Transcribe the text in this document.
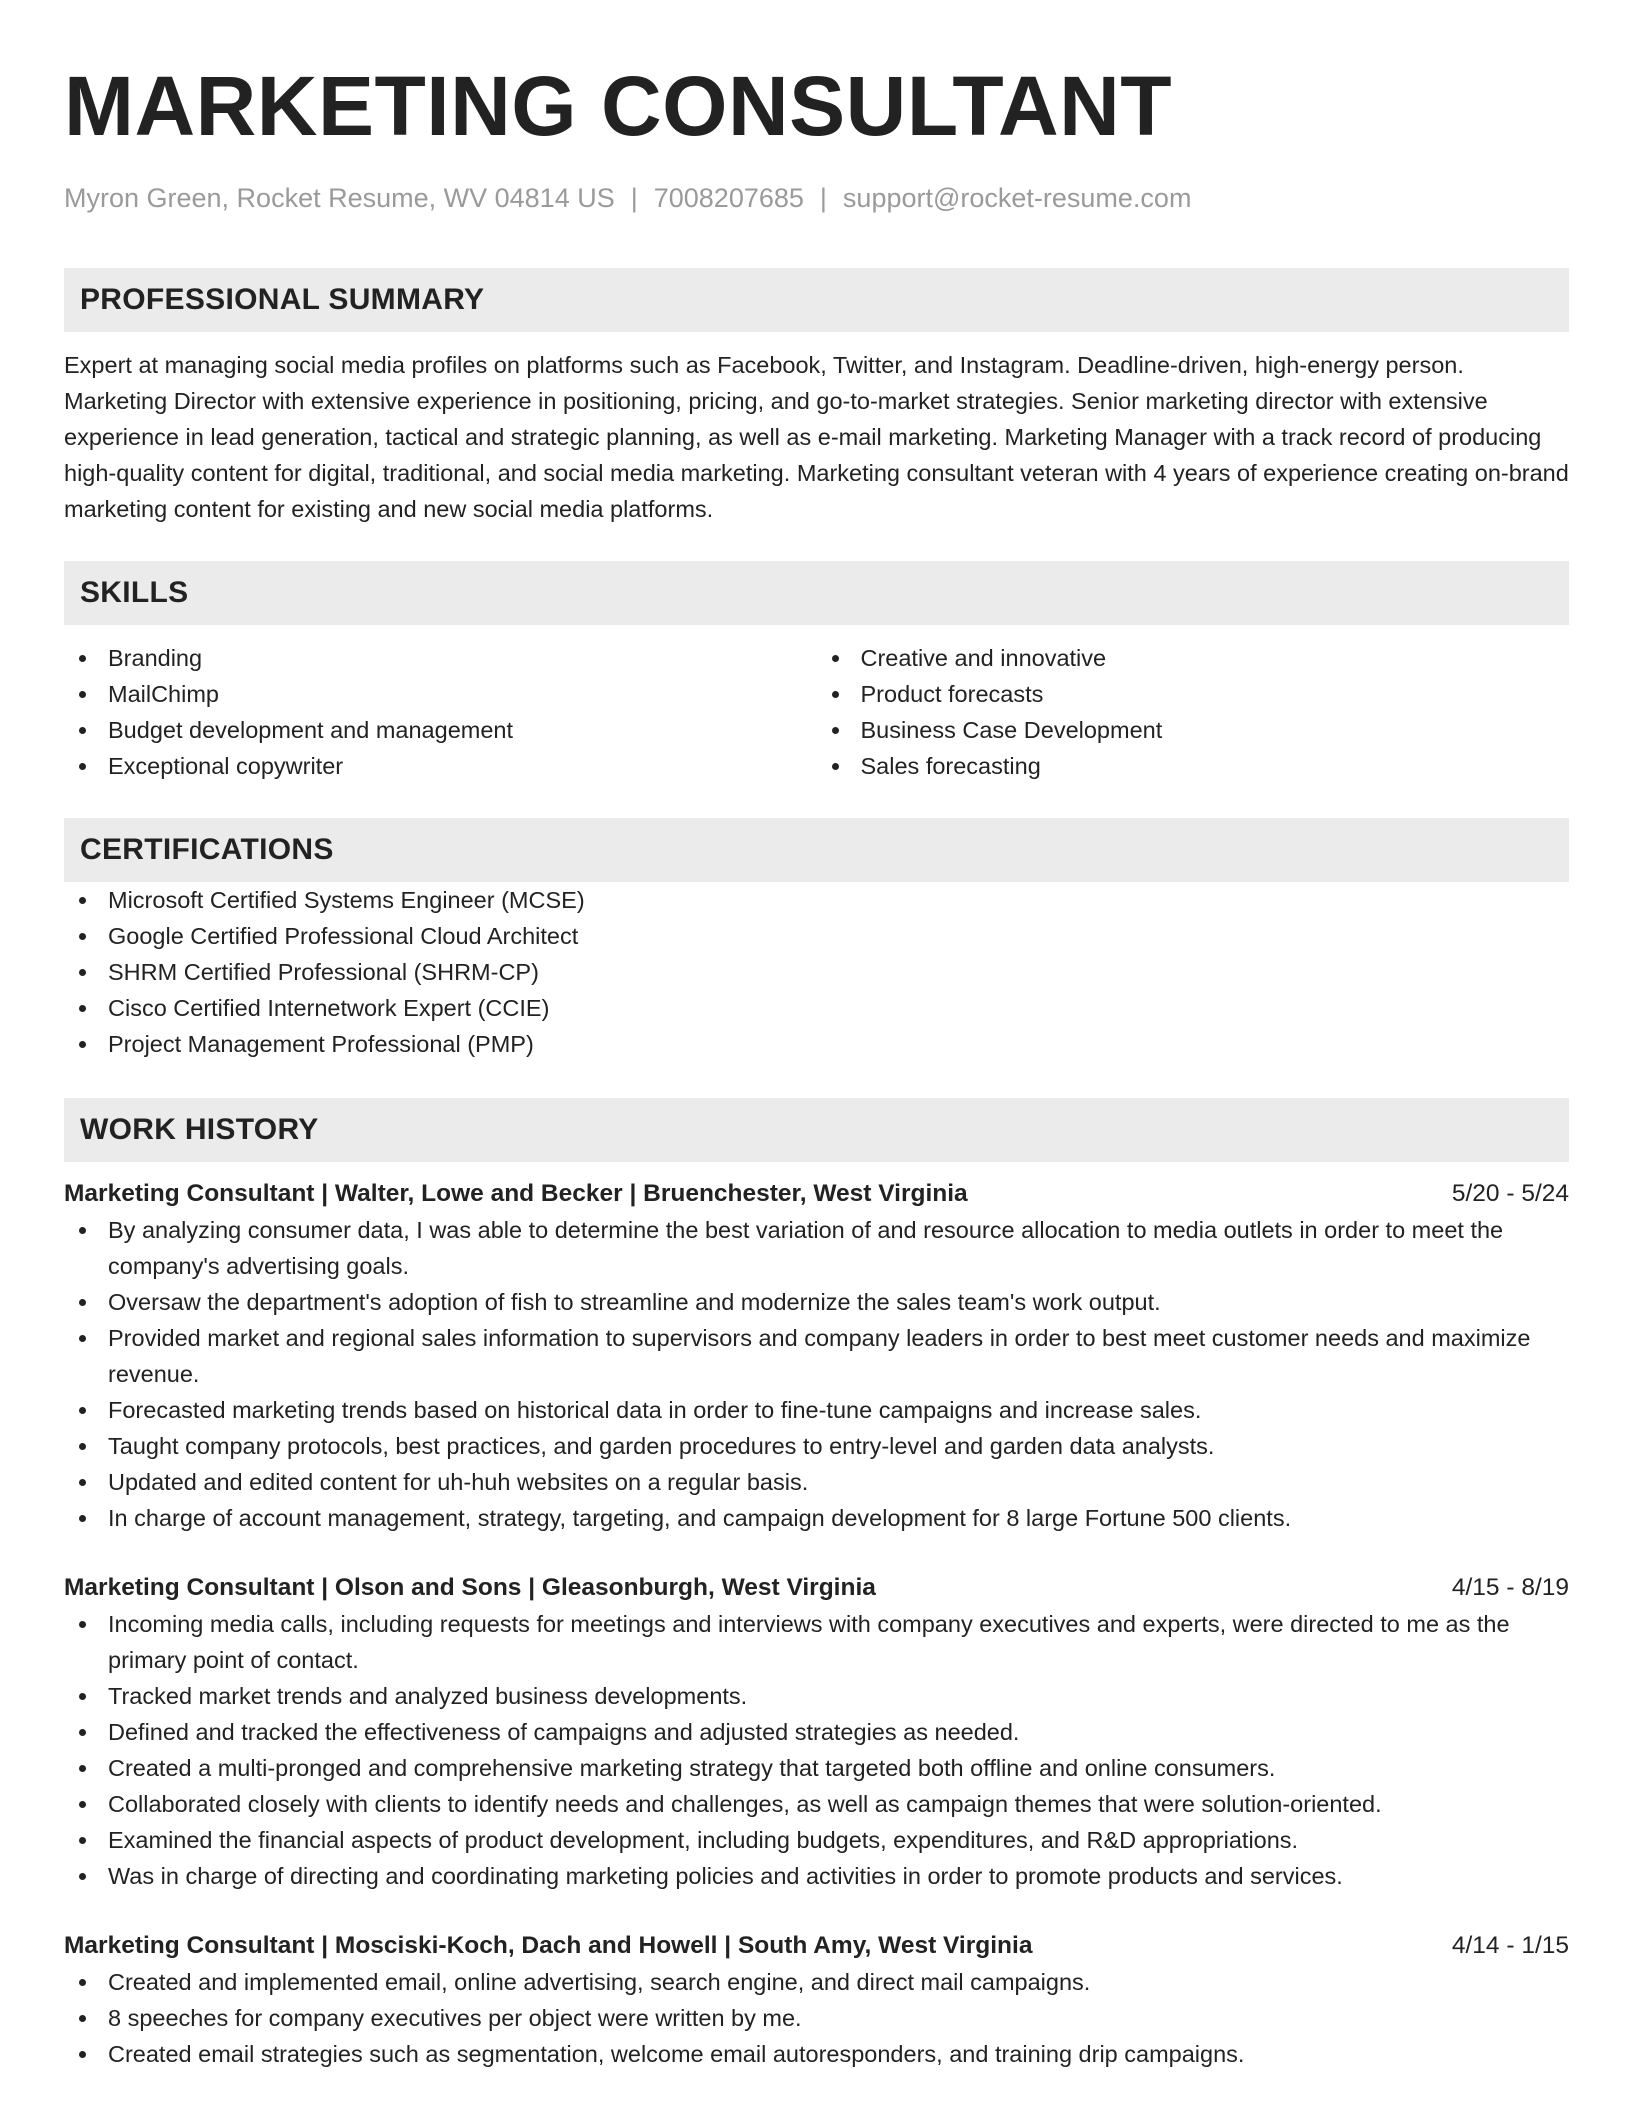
MARKETING CONSULTANT
Myron Green, Rocket Resume, WV 04814 US | 7008207685 | support@rocket-resume.com
PROFESSIONAL SUMMARY

Expert at managing social media profiles on platforms such as Facebook, Twitter, and Instagram. Deadline-driven, high-energy person. Marketing Director with extensive experience in positioning, pricing, and go-to-market strategies. Senior marketing director with extensive experience in lead generation, tactical and strategic planning, as well as e-mail marketing. Marketing Manager with a track record of producing high-quality content for digital, traditional, and social media marketing. Marketing consultant veteran with 4 years of experience creating on-brand marketing content for existing and new social media platforms.

SKILLS
Branding
MailChimp
Budget development and management
Exceptional copywriter
Creative and innovative
Product forecasts
Business Case Development
Sales forecasting
CERTIFICATIONS
Microsoft Certified Systems Engineer (MCSE)
Google Certified Professional Cloud Architect
SHRM Certified Professional (SHRM-CP)
Cisco Certified Internetwork Expert (CCIE)
Project Management Professional (PMP)
WORK HISTORY
Marketing Consultant | Walter, Lowe and Becker | Bruenchester, West Virginia	5/20 - 5/24
By analyzing consumer data, I was able to determine the best variation of and resource allocation to media outlets in order to meet the company's advertising goals.
Oversaw the department's adoption of fish to streamline and modernize the sales team's work output.
Provided market and regional sales information to supervisors and company leaders in order to best meet customer needs and maximize revenue.
Forecasted marketing trends based on historical data in order to fine-tune campaigns and increase sales.
Taught company protocols, best practices, and garden procedures to entry-level and garden data analysts.
Updated and edited content for uh-huh websites on a regular basis.
In charge of account management, strategy, targeting, and campaign development for 8 large Fortune 500 clients.
Marketing Consultant | Olson and Sons | Gleasonburgh, West Virginia	4/15 - 8/19
Incoming media calls, including requests for meetings and interviews with company executives and experts, were directed to me as the primary point of contact.
Tracked market trends and analyzed business developments.
Defined and tracked the effectiveness of campaigns and adjusted strategies as needed.
Created a multi-pronged and comprehensive marketing strategy that targeted both offline and online consumers.
Collaborated closely with clients to identify needs and challenges, as well as campaign themes that were solution-oriented.
Examined the financial aspects of product development, including budgets, expenditures, and R&D appropriations.
Was in charge of directing and coordinating marketing policies and activities in order to promote products and services.
Marketing Consultant | Mosciski-Koch, Dach and Howell | South Amy, West Virginia	4/14 - 1/15
Created and implemented email, online advertising, search engine, and direct mail campaigns.
8 speeches for company executives per object were written by me.
Created email strategies such as segmentation, welcome email autoresponders, and training drip campaigns.
